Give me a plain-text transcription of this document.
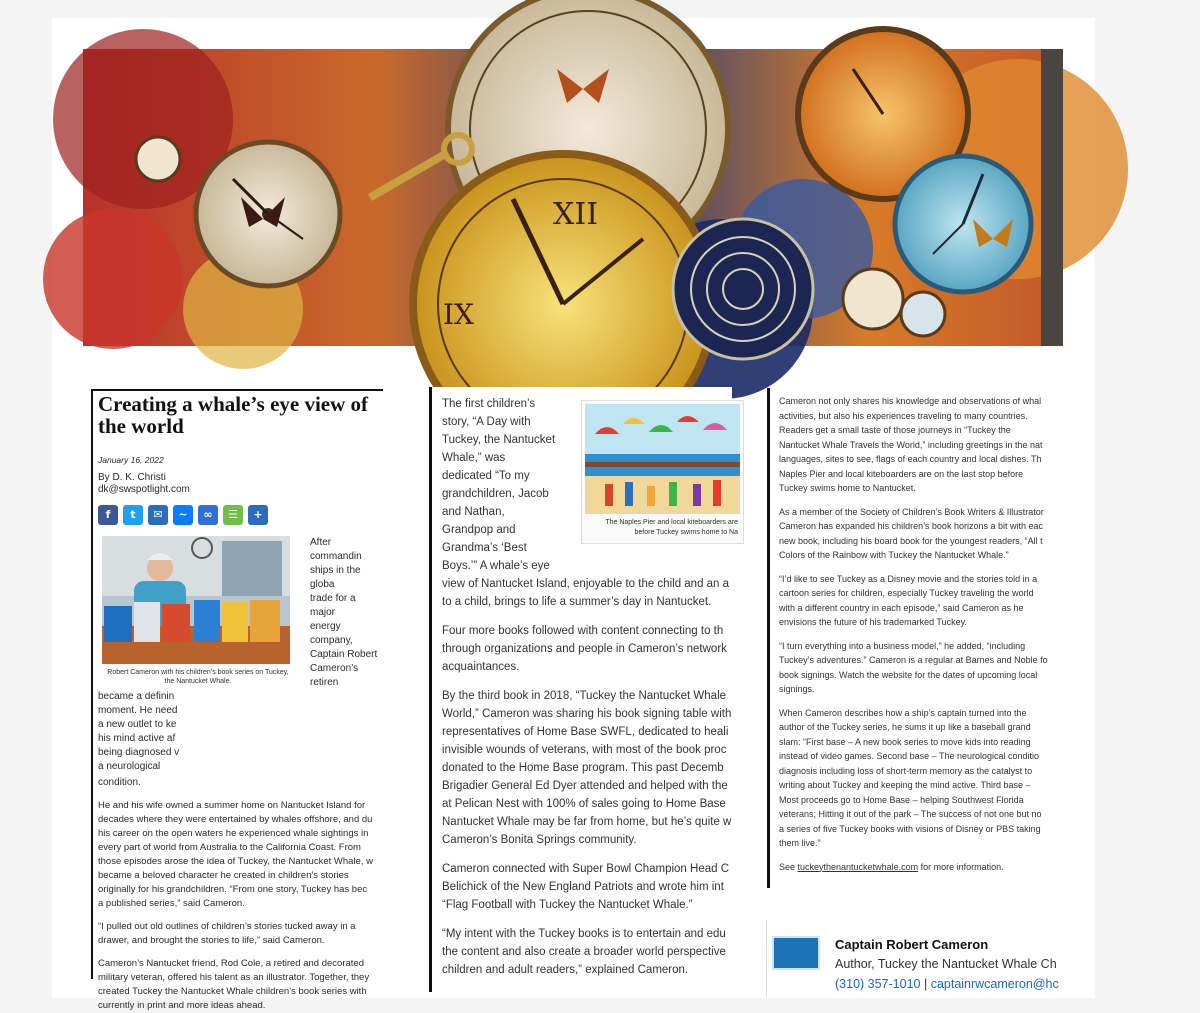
XII
IX
Creating a whale’s eye view of
the world
January 16, 2022
By D. K. Christi
dk@swspotlight.com
f	t	✉	~	∞	☰	+
Robert Cameron with his children’s book series on Tuckey, the Nantucket Whale.
After commandin
ships in the globa
trade for a major
energy company,
Captain Robert
Cameron’s retiren
became a definin
moment. He need
a new outlet to ke
his mind active af
being diagnosed v
a neurological

condition.

He and his wife owned a summer home on Nantucket Island for
decades where they were entertained by whales offshore, and du
his career on the open waters he experienced whale sightings in
every part of world from Australia to the California Coast. From
those episodes arose the idea of Tuckey, the Nantucket Whale, w
became a beloved character he created in children’s stories
originally for his grandchildren. “From one story, Tuckey has bec
a published series,” said Cameron.
“I pulled out old outlines of children’s stories tucked away in a
drawer, and brought the stories to life,” said Cameron.
Cameron’s Nantucket friend, Rod Cole, a retired and decorated
military veteran, offered his talent as an illustrator. Together, they
created Tuckey the Nantucket Whale children’s book series with
currently in print and more ideas ahead.
The Naples Pier and local kiteboarders are
before Tuckey swims home to Na

The first children’s
story, “A Day with
Tuckey, the Nantucket
Whale,” was
dedicated “To my
grandchildren, Jacob
and Nathan,
Grandpop and
Grandma’s ‘Best
Boys.’” A whale’s eye
view of Nantucket Island, enjoyable to the child and an a
to a child, brings to life a summer’s day in Nantucket.

Four more books followed with content connecting to th
through organizations and people in Cameron’s network
acquaintances.

By the third book in 2018, “Tuckey the Nantucket Whale
World,” Cameron was sharing his book signing table with
representatives of Home Base SWFL, dedicated to heali
invisible wounds of veterans, with most of the book proc
donated to the Home Base program. This past Decemb
Brigadier General Ed Dyer attended and helped with the
at Pelican Nest with 100% of sales going to Home Base
Nantucket Whale may be far from home, but he’s quite w
Cameron’s Bonita Springs community.

Cameron connected with Super Bowl Champion Head C
Belichick of the New England Patriots and wrote him int
“Flag Football with Tuckey the Nantucket Whale.”

“My intent with the Tuckey books is to entertain and edu
the content and also create a broader world perspective
children and adult readers,” explained Cameron.

Cameron not only shares his knowledge and observations of whal
activities, but also his experiences traveling to many countries.
Readers get a small taste of those journeys in “Tuckey the
Nantucket Whale Travels the World,” including greetings in the nat
languages, sites to see, flags of each country and local dishes. Th
Naples Pier and local kiteboarders are on the last stop before
Tuckey swims home to Nantucket.

As a member of the Society of Children’s Book Writers & Illustrator
Cameron has expanded his children’s book horizons a bit with eac
new book, including his board book for the youngest readers, “All t
Colors of the Rainbow with Tuckey the Nantucket Whale.”

“I’d like to see Tuckey as a Disney movie and the stories told in a
cartoon series for children, especially Tuckey traveling the world
with a different country in each episode,” said Cameron as he
envisions the future of his trademarked Tuckey.

“I turn everything into a business model,” he added, “including
Tuckey’s adventures.” Cameron is a regular at Barnes and Noble fo
book signings. Watch the website for the dates of upcoming local
signings.

When Cameron describes how a ship’s captain turned into the
author of the Tuckey series, he sums it up like a baseball grand
slam: “First base – A new book series to move kids into reading
instead of video games. Second base – The neurological conditio
diagnosis including loss of short-term memory as the catalyst to
writing about Tuckey and keeping the mind active. Third base –
Most proceeds go to Home Base – helping Southwest Florida
veterans; Hitting it out of the park – The success of not one but no
a series of five Tuckey books with visions of Disney or PBS taking
them live.”

See tuckeythenantucketwhale.com for more information.

Captain Robert Cameron
Author, Tuckey the Nantucket Whale Ch
(310) 357-1010 | captainrwcameron@hc
